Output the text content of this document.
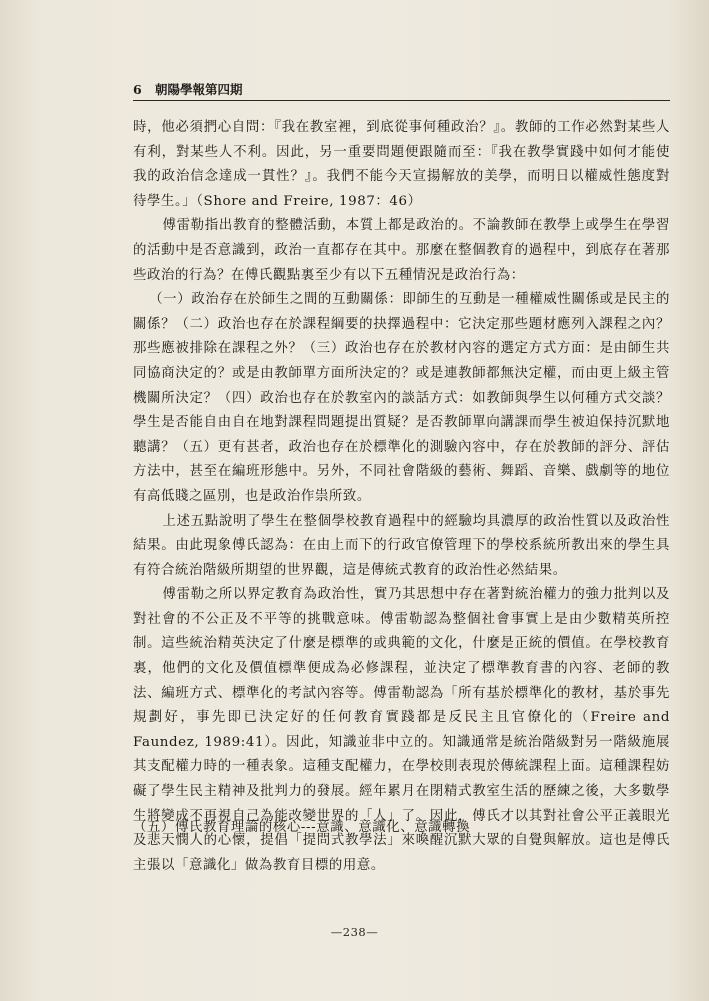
6 朝陽學報第四期

時，他必須捫心自問：『我在教室裡，到底從事何種政治？』。教師的工作必然對某些人有利，對某些人不利。因此，另一重要問題便跟隨而至：『我在教學實踐中如何才能使我的政治信念達成一貫性？』。我們不能今天宣揚解放的美學，而明日以權威性態度對待學生。」（Shore and Freire, 1987：46）

傅雷勒指出教育的整體活動，本質上都是政治的。不論教師在教學上或學生在學習的活動中是否意識到，政治一直都存在其中。那麼在整個教育的過程中，到底存在著那些政治的行為？在傅氏觀點裏至少有以下五種情況是政治行為：

（一）政治存在於師生之間的互動關係：即師生的互動是一種權威性關係或是民主的關係？（二）政治也存在於課程綱要的抉擇過程中：它決定那些題材應列入課程之內？那些應被排除在課程之外？（三）政治也存在於教材內容的選定方式方面：是由師生共同協商決定的？或是由教師單方面所決定的？或是連教師都無決定權，而由更上級主管機關所決定？（四）政治也存在於教室內的談話方式：如教師與學生以何種方式交談？學生是否能自由自在地對課程問題提出質疑？是否教師單向講課而學生被迫保持沉默地聽講？（五）更有甚者，政治也存在於標準化的測驗內容中，存在於教師的評分、評估方法中，甚至在編班形態中。另外，不同社會階級的藝術、舞蹈、音樂、戲劇等的地位有高低賤之區別，也是政治作祟所致。

上述五點說明了學生在整個學校教育過程中的經驗均具濃厚的政治性質以及政治性結果。由此現象傅氏認為：在由上而下的行政官僚管理下的學校系統所教出來的學生具有符合統治階級所期望的世界觀，這是傳統式教育的政治性必然結果。

傅雷勒之所以界定教育為政治性，實乃其思想中存在著對統治權力的強力批判以及對社會的不公正及不平等的挑戰意味。傅雷勒認為整個社會事實上是由少數精英所控制。這些統治精英決定了什麼是標準的或典範的文化，什麼是正統的價值。在學校教育裏，他們的文化及價值標準便成為必修課程，並決定了標準教育書的內容、老師的教法、編班方式、標準化的考試內容等。傅雷勒認為「所有基於標準化的教材，基於事先規劃好，事先即已決定好的任何教育實踐都是反民主且官僚化的（Freire and Faundez, 1989:41）。因此，知識並非中立的。知識通常是統治階級對另一階級施展其支配權力時的一種表象。這種支配權力，在學校則表現於傳統課程上面。這種課程妨礙了學生民主精神及批判力的發展。經年累月在閉精式教室生活的歷練之後，大多數學生將變成不再視自己為能改變世界的「人」了。因此，傅氏才以其對社會公平正義眼光及悲天憫人的心懷，提倡「提問式教學法」來喚醒沉默大眾的自覺與解放。這也是傅氏主張以「意識化」做為教育目標的用意。

（五）傅氏教育理論的核心---意識、意識化、意識轉換
—238—
